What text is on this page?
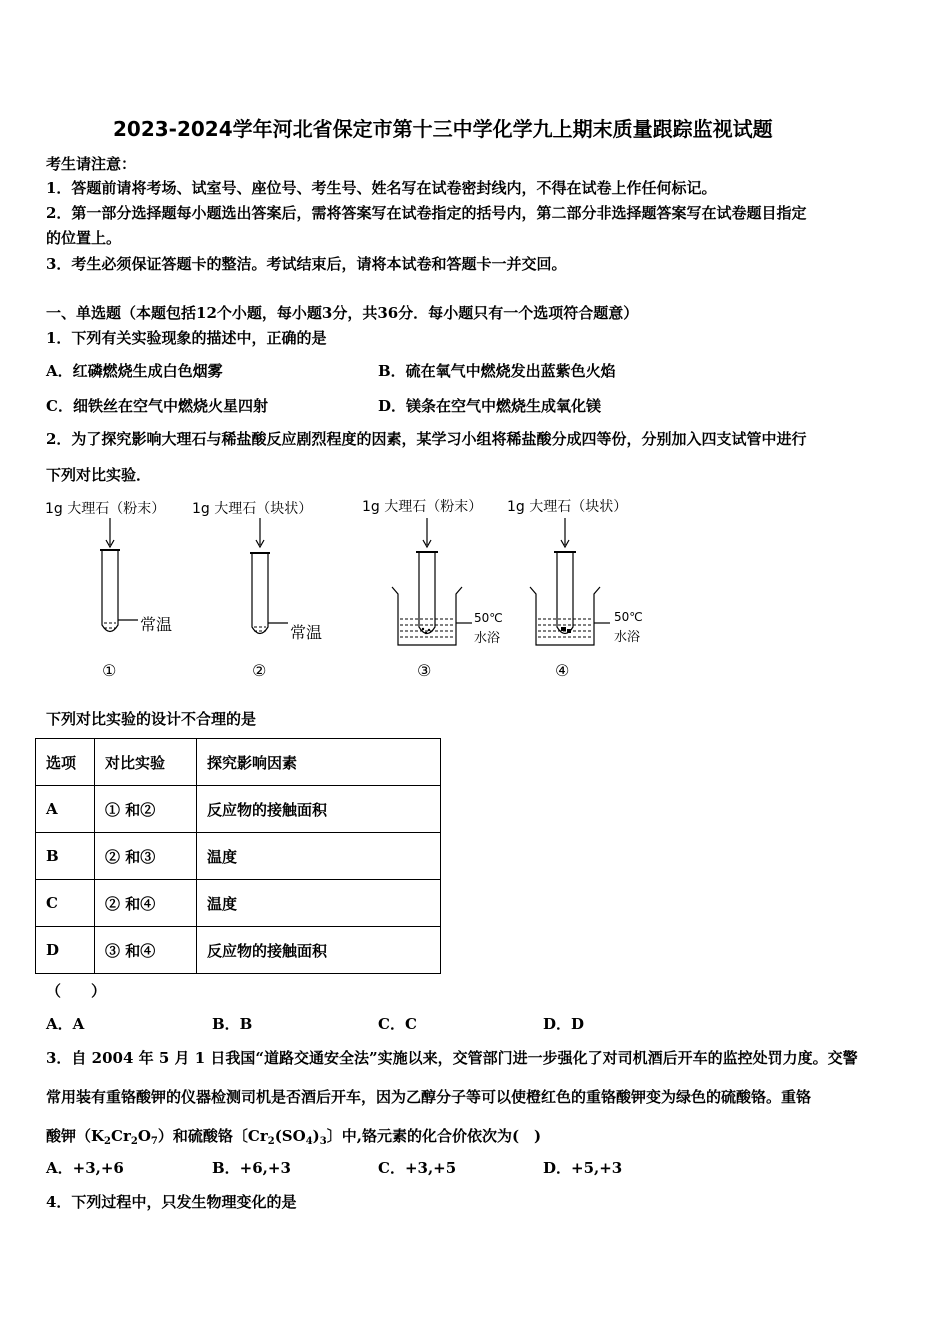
2023-2024学年河北省保定市第十三中学化学九上期末质量跟踪监视试题
考生请注意：
1．答题前请将考场、试室号、座位号、考生号、姓名写在试卷密封线内，不得在试卷上作任何标记。
2．第一部分选择题每小题选出答案后，需将答案写在试卷指定的括号内，第二部分非选择题答案写在试卷题目指定
的位置上。
3．考生必须保证答题卡的整洁。考试结束后，请将本试卷和答题卡一并交回。
一、单选题（本题包括12个小题，每小题3分，共36分．每小题只有一个选项符合题意）
1．下列有关实验现象的描述中，正确的是
A．红磷燃烧生成白色烟雾	B．硫在氧气中燃烧发出蓝紫色火焰
C．细铁丝在空气中燃烧火星四射	D．镁条在空气中燃烧生成氧化镁
2．为了探究影响大理石与稀盐酸反应剧烈程度的因素，某学习小组将稀盐酸分成四等份，分别加入四支试管中进行
下列对比实验．
1g 大理石（粉末） 1g 大理石（块状）	1g 大理石（粉末） 1g 大理石（块状）
常温	常温
50℃
水浴
50℃
水浴
①	②	③	④
下列对比实验的设计不合理的是
选项	对比实验	探究影响因素
A	① 和②	反应物的接触面积
B	② 和③	温度
C	② 和④	温度
D	③ 和④	反应物的接触面积
（　　）
A．A	B．B	C．C	D．D
3．自 2004 年 5 月 1 日我国“道路交通安全法”实施以来，交管部门进一步强化了对司机酒后开车的监控处罚力度。交警
常用装有重铬酸钾的仪器检测司机是否酒后开车，因为乙醇分子等可以使橙红色的重铬酸钾变为绿色的硫酸铬。重铬
酸钾$(K_2Cr_2O_7)$和硫酸铬〔$Cr_2(SO_4)_3$〕中,铬元素的化合价依次为(　)
A．+3,+6	B．+6,+3	C．+3,+5	D．+5,+3
4．下列过程中，只发生物理变化的是
